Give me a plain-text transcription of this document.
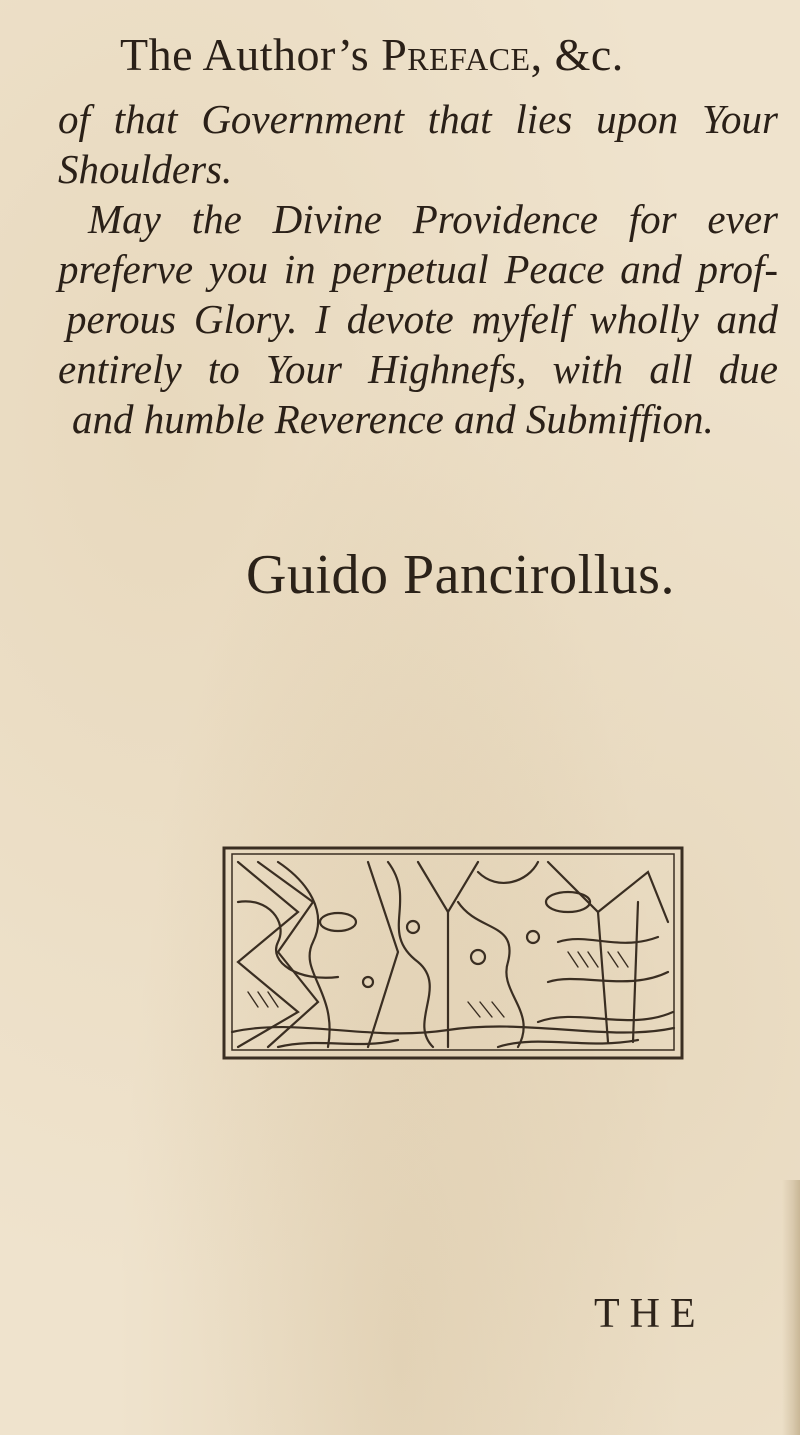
The Author’s Preface, &c.
of that Government that lies upon Your
Shoulders.
May the Divine Providence for ever
preferve you in perpetual Peace and prof-
perous Glory. I devote myfelf wholly and
entirely to Your Highnefs, with all due
and humble Reverence and Submiffion.
Guido Pancirollus.
THE
